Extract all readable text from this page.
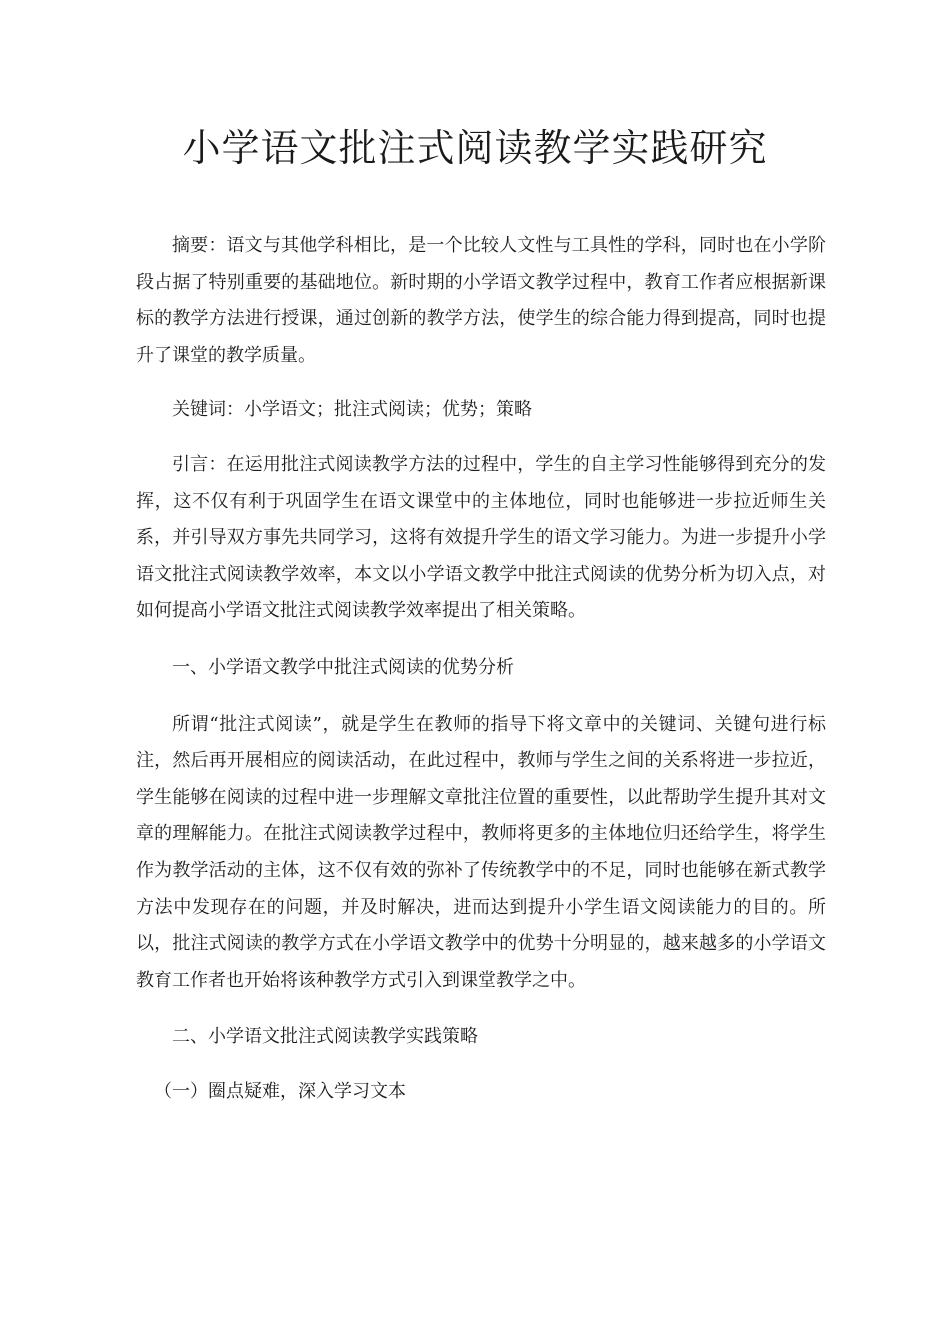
小学语文批注式阅读教学实践研究

摘要：语文与其他学科相比，是一个比较人文性与工具性的学科，同时也在小学阶段占据了特别重要的基础地位。新时期的小学语文教学过程中，教育工作者应根据新课标的教学方法进行授课，通过创新的教学方法，使学生的综合能力得到提高，同时也提升了课堂的教学质量。

关键词：小学语文；批注式阅读；优势；策略

引言：在运用批注式阅读教学方法的过程中，学生的自主学习性能够得到充分的发挥，这不仅有利于巩固学生在语文课堂中的主体地位，同时也能够进一步拉近师生关系，并引导双方事先共同学习，这将有效提升学生的语文学习能力。为进一步提升小学语文批注式阅读教学效率，本文以小学语文教学中批注式阅读的优势分析为切入点，对如何提高小学语文批注式阅读教学效率提出了相关策略。

一、小学语文教学中批注式阅读的优势分析

所谓“批注式阅读”，就是学生在教师的指导下将文章中的关键词、关键句进行标注，然后再开展相应的阅读活动，在此过程中，教师与学生之间的关系将进一步拉近，学生能够在阅读的过程中进一步理解文章批注位置的重要性，以此帮助学生提升其对文章的理解能力。在批注式阅读教学过程中，教师将更多的主体地位归还给学生，将学生作为教学活动的主体，这不仅有效的弥补了传统教学中的不足，同时也能够在新式教学方法中发现存在的问题，并及时解决，进而达到提升小学生语文阅读能力的目的。所以，批注式阅读的教学方式在小学语文教学中的优势十分明显的，越来越多的小学语文教育工作者也开始将该种教学方式引入到课堂教学之中。

二、小学语文批注式阅读教学实践策略

（一）圈点疑难，深入学习文本
